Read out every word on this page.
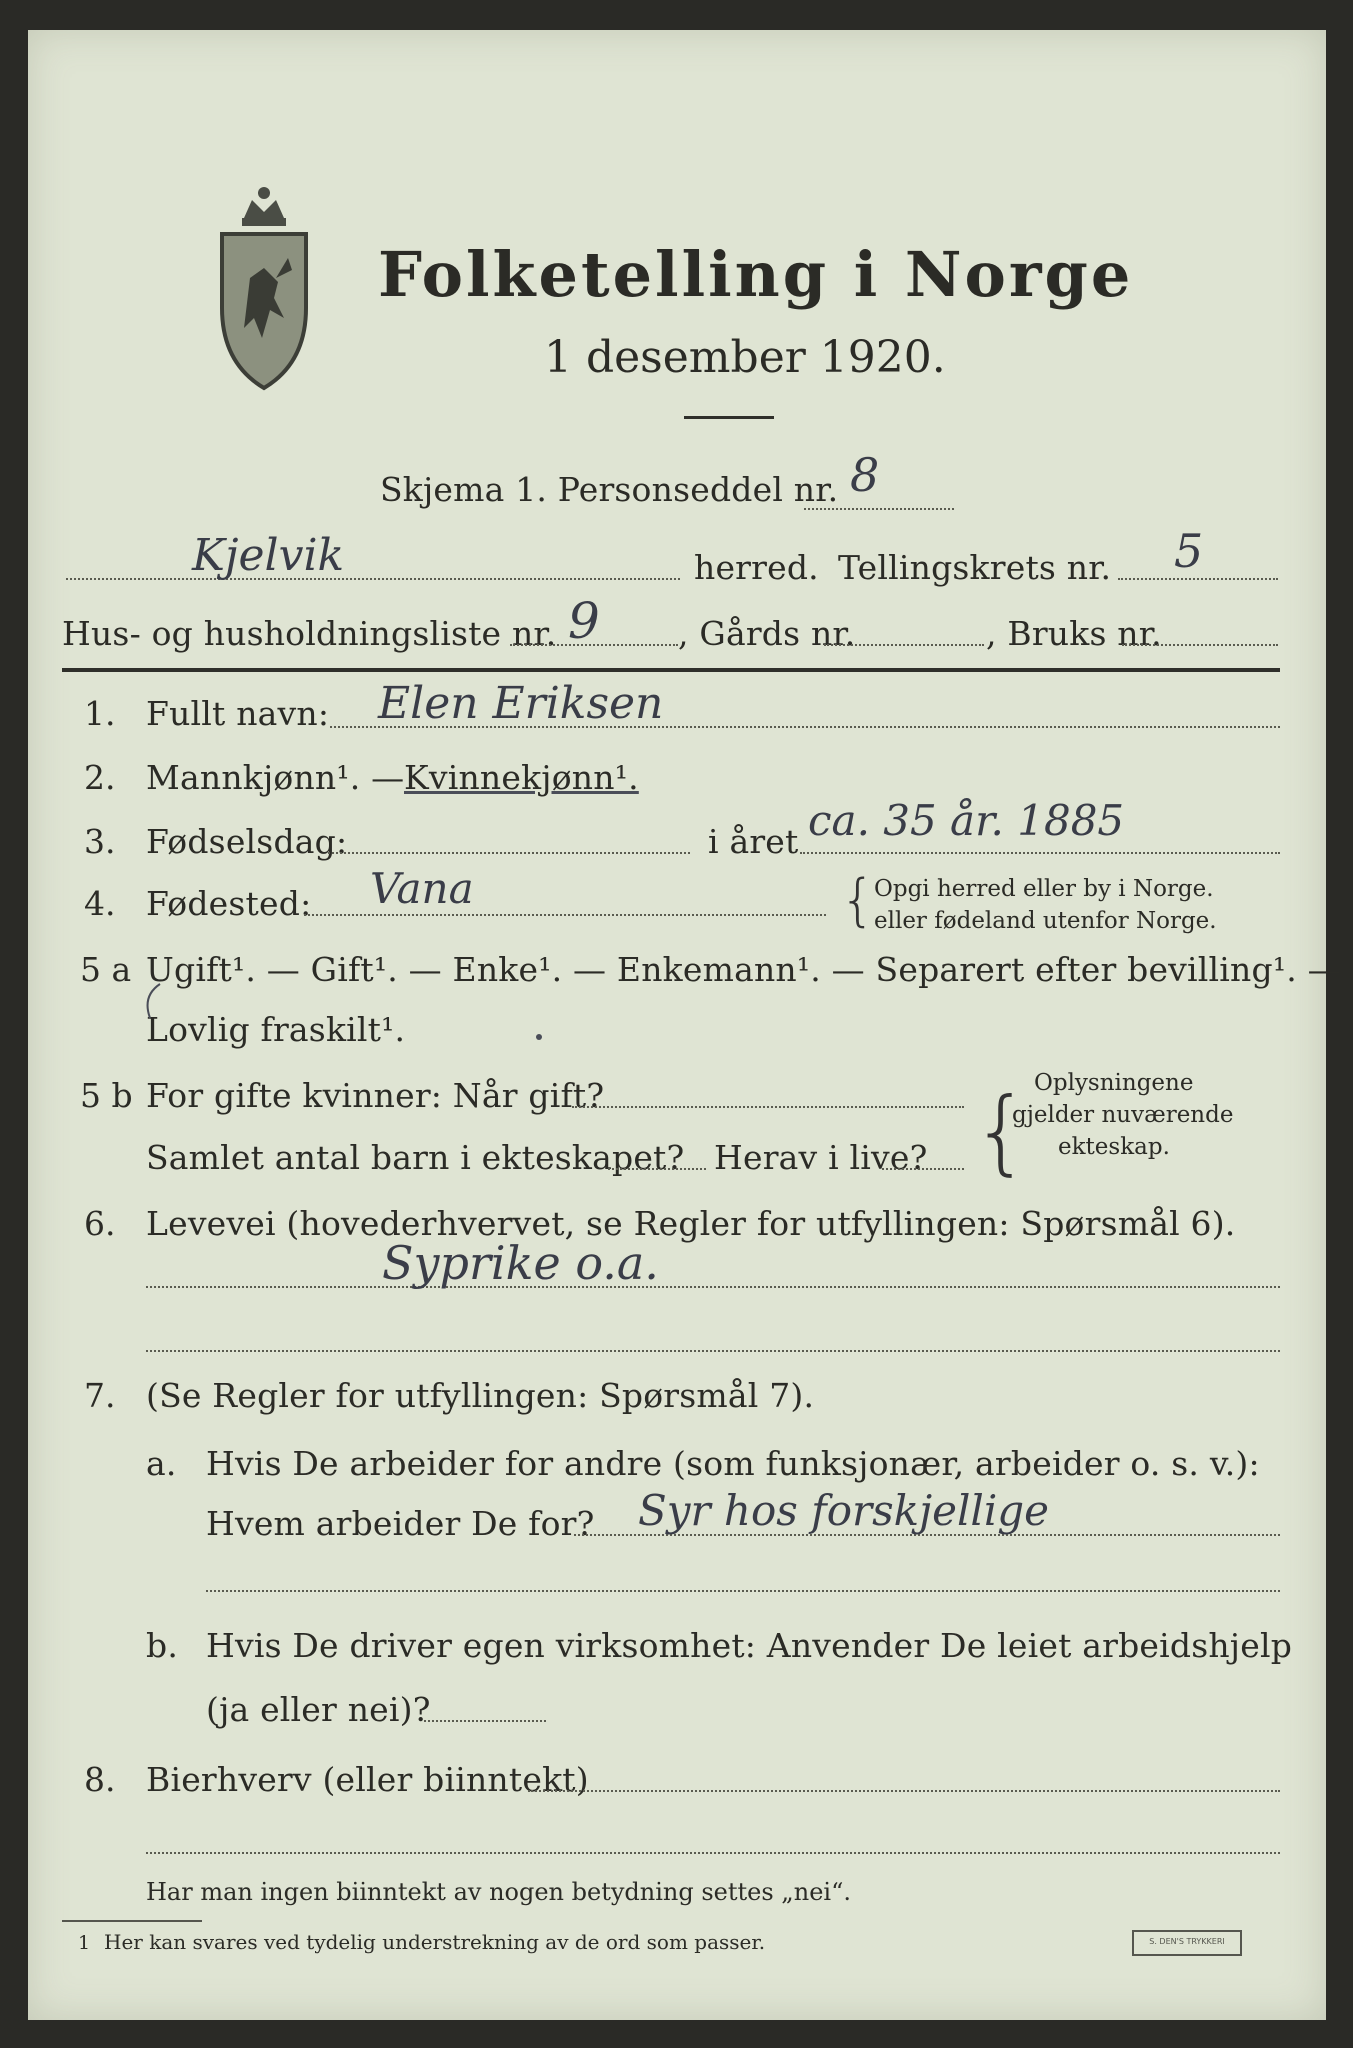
Folketelling i Norge
1 desember 1920.
Skjema 1. Personseddel nr. 8
Kjelvik	herred. Tellingskrets nr. 5
Hus- og husholdningsliste nr. 9 , Gårds nr.	, Bruks nr.
1. Fullt navn: Elen Eriksen
2. Mannkjønn¹. — Kvinnekjønn¹.
3. Fødselsdag:	i året ca. 35 år. 1885
4. Fødested: Vana	{
Opgi herred eller by i Norge.
eller fødeland utenfor Norge.
5 a Ugift¹. — Gift¹. — Enke¹. — Enkemann¹. — Separert efter bevilling¹. —
Lovlig fraskilt¹.
5 b For gifte kvinner: Når gift?
Samlet antal barn i ekteskapet? Herav i live? { Oplysningene
gjelder nuværende
ekteskap.
6. Levevei (hovederhvervet, se Regler for utfyllingen: Spørsmål 6).
Syprike o.a.
7. (Se Regler for utfyllingen: Spørsmål 7).
a. Hvis De arbeider for andre (som funksjonær, arbeider o. s. v.):
Hvem arbeider De for? Syr hos forskjellige
b. Hvis De driver egen virksomhet: Anvender De leiet arbeidshjelp
(ja eller nei)?
8. Bierhverv (eller biinntekt)
Har man ingen biinntekt av nogen betydning settes „nei“.
1 Her kan svares ved tydelig understrekning av de ord som passer.	S. DEN'S TRYKKERI
